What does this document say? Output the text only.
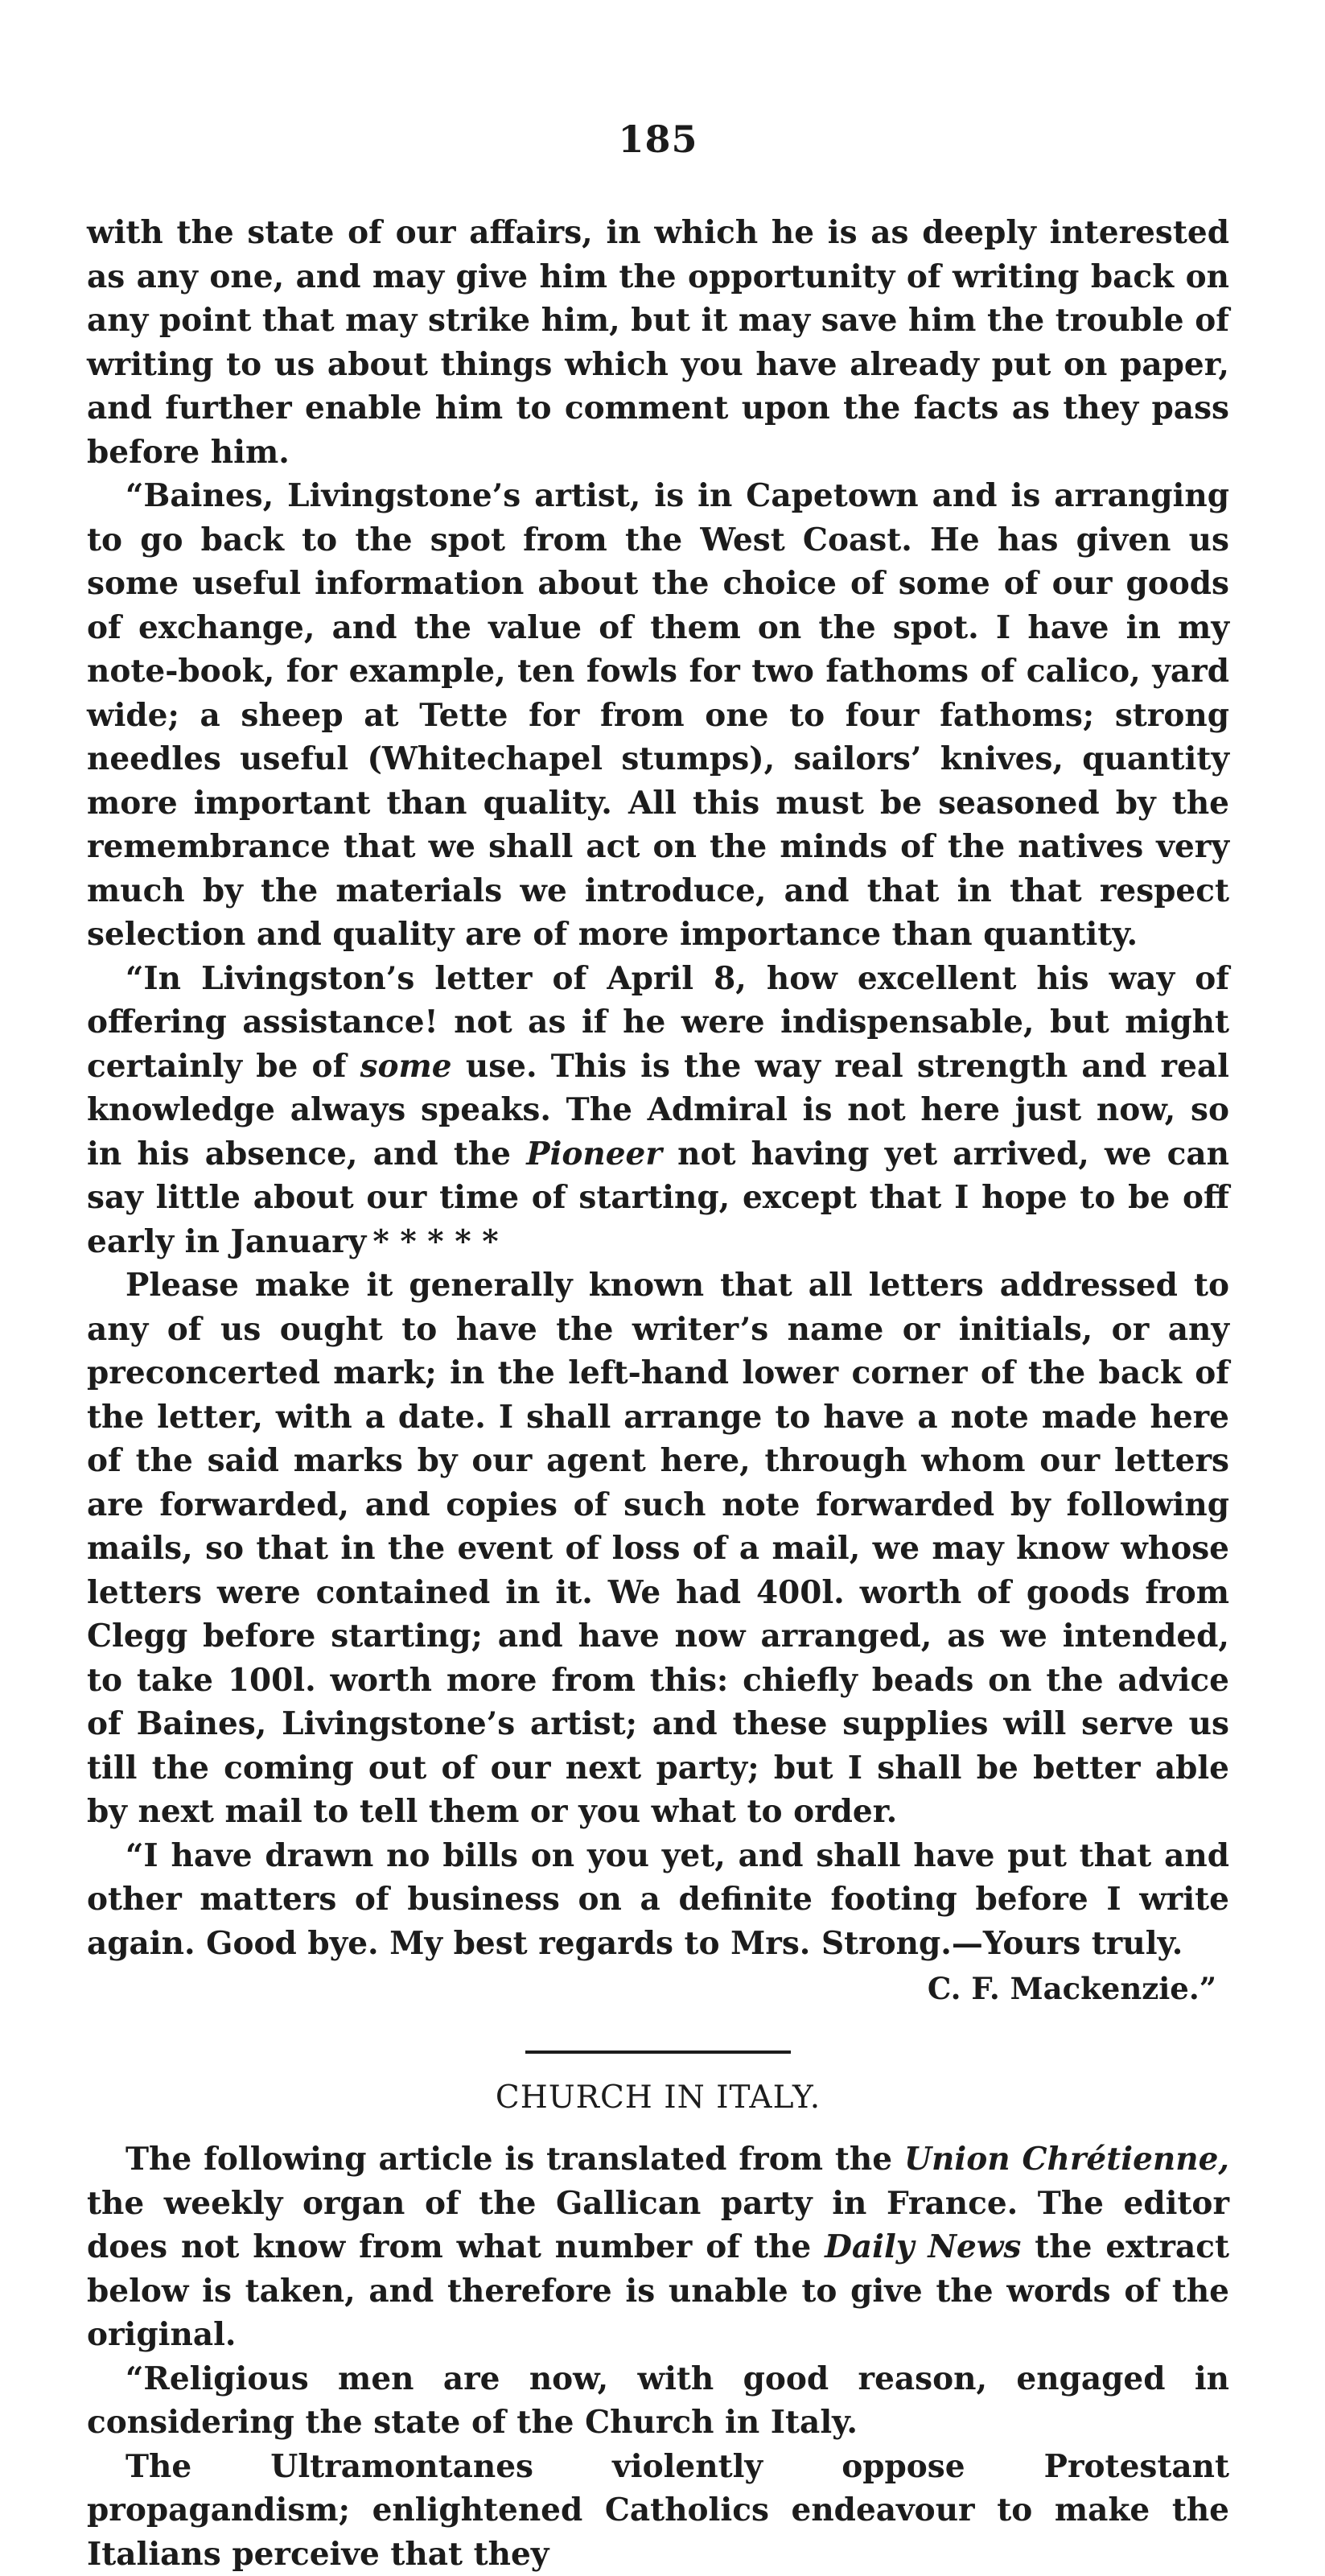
185

with the state of our affairs, in which he is as deeply interested as any one, and may give him the opportunity of writing back on any point that may strike him, but it may save him the trouble of writing to us about things which you have already put on paper, and further enable him to comment upon the facts as they pass before him.

“Baines, Livingstone’s artist, is in Capetown and is arranging to go back to the spot from the West Coast. He has given us some useful information about the choice of some of our goods of exchange, and the value of them on the spot. I have in my note-book, for example, ten fowls for two fathoms of calico, yard wide; a sheep at Tette for from one to four fathoms; strong needles useful (Whitechapel stumps), sailors’ knives, quantity more important than quality. All this must be seasoned by the remembrance that we shall act on the minds of the natives very much by the materials we introduce, and that in that respect selection and quality are of more importance than quantity.

“In Livingston’s letter of April 8, how excellent his way of offering assistance! not as if he were indispensable, but might certainly be of some use. This is the way real strength and real knowledge always speaks. The Admiral is not here just now, so in his absence, and the Pioneer not having yet arrived, we can say little about our time of starting, except that I hope to be off early in January * * * * *

Please make it generally known that all letters addressed to any of us ought to have the writer’s name or initials, or any preconcerted mark; in the left-hand lower corner of the back of the letter, with a date. I shall arrange to have a note made here of the said marks by our agent here, through whom our letters are forwarded, and copies of such note forwarded by following mails, so that in the event of loss of a mail, we may know whose letters were contained in it. We had 400l. worth of goods from Clegg before starting; and have now arranged, as we intended, to take 100l. worth more from this: chiefly beads on the advice of Baines, Livingstone’s artist; and these supplies will serve us till the coming out of our next party; but I shall be better able by next mail to tell them or you what to order.

“I have drawn no bills on you yet, and shall have put that and other matters of business on a definite footing before I write again. Good bye. My best regards to Mrs. Strong.—Yours truly.

C. F. Mackenzie.”
CHURCH IN ITALY.

The following article is translated from the Union Chrétienne, the weekly organ of the Gallican party in France. The editor does not know from what number of the Daily News the extract below is taken, and therefore is unable to give the words of the original.

“Religious men are now, with good reason, engaged in considering the state of the Church in Italy.

The Ultramontanes violently oppose Protestant propagandism; enlightened Catholics endeavour to make the Italians perceive that they
